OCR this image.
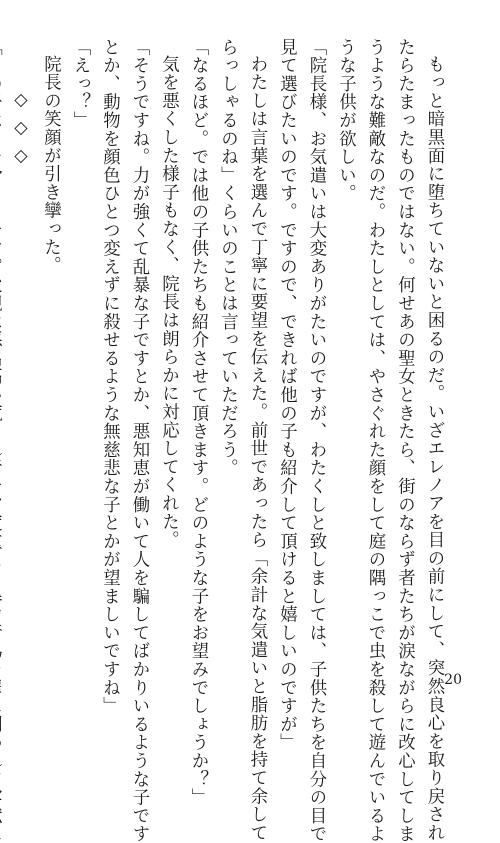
もっと暗黒面に堕ちていないと困るのだ。いざエレノアを目の前にして、突然良心を取り戻され
たらたまったものではない。何せあの聖女ときたら、街のならず者たちが涙ながらに改心してしま
うような難敵なのだ。わたしとしては、やさぐれた顔をして庭の隅っこで虫を殺して遊んでいるよ
うな子供が欲しい。
「院長様、お気遣いは大変ありがたいのですが、わたくしと致しましては、子供たちを自分の目で
見て選びたいのです。ですので、できれば他の子も紹介して頂けると嬉しいのですが」
わたしは言葉を選んで丁寧に要望を伝えた。前世であったら「余計な気遣いと脂肪を持て余して
らっしゃるのね」くらいのことは言っていただろう。
「なるほど。では他の子供たちも紹介させて頂きます。どのような子をお望みでしょうか？」
気を悪くした様子もなく、院長は朗らかに対応してくれた。
「そうですね。力が強くて乱暴な子ですとか、悪知恵が働いて人を騙してばかりいるような子です
とか、動物を顔色ひとつ変えずに殺せるような無慈悲な子とかが望ましいですね」
「えっ？」
院長の笑顔が引き攣った。
◇◇◇
20
